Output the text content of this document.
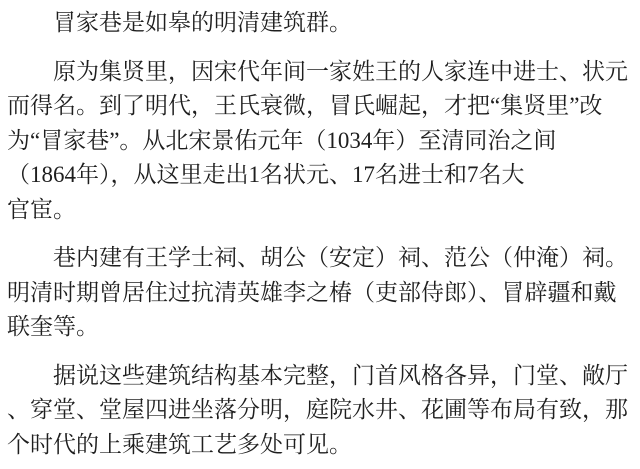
冒家巷是如皋的明清建筑群。
原为集贤里，因宋代年间一家姓王的人家连中进士、状元
而得名。到了明代，王氏衰微，冒氏崛起，才把“集贤里”改
为“冒家巷”。从北宋景佑元年（1034年）至清同治之间
（1864年），从这里走出1名状元、17名进士和7名大
官宦。
巷内建有王学士祠、胡公（安定）祠、范公（仲淹）祠。
明清时期曾居住过抗清英雄李之椿（吏部侍郎）、冒辟疆和戴
联奎等。
据说这些建筑结构基本完整，门首风格各异，门堂、敞厅
、穿堂、堂屋四进坐落分明，庭院水井、花圃等布局有致，那
个时代的上乘建筑工艺多处可见。
